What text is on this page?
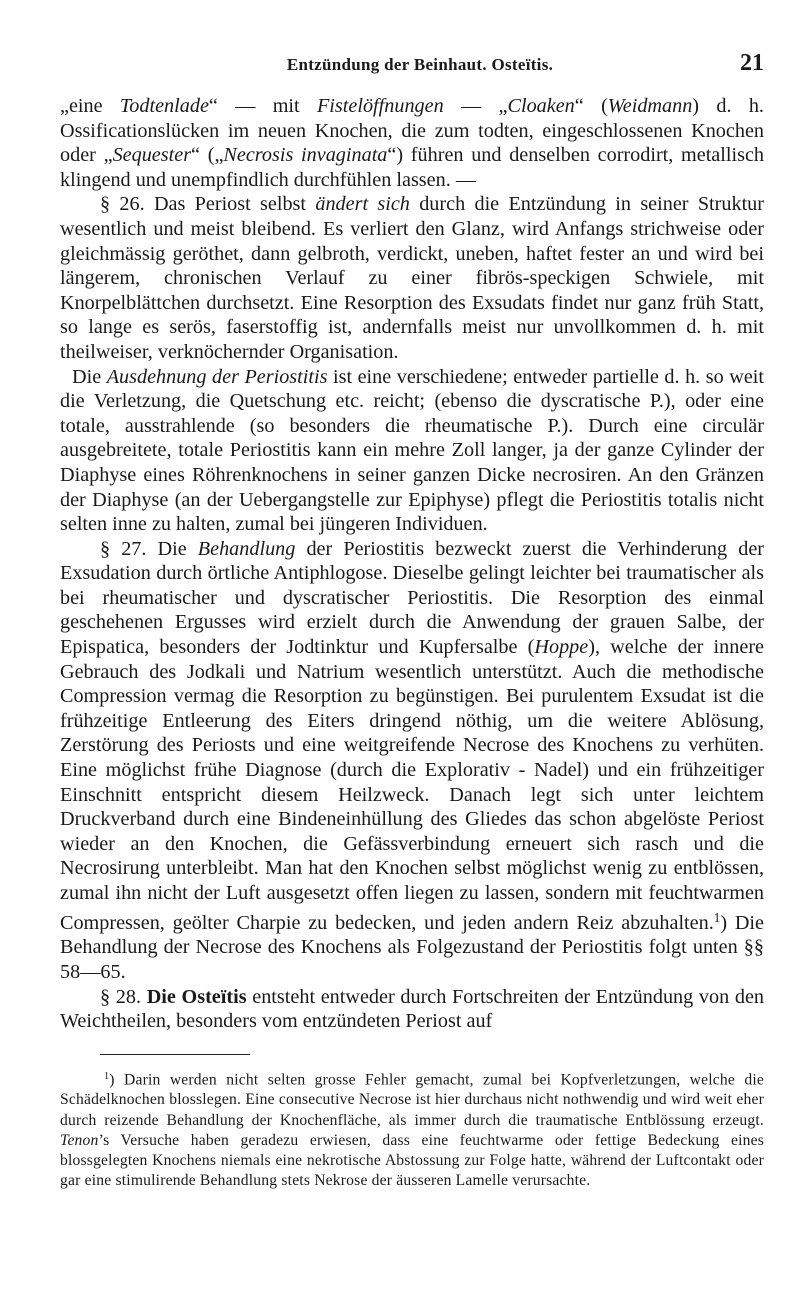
Entzündung der Beinhaut. Osteïtis.	21

„eine Todtenlade“ — mit Fistelöffnungen — „Cloaken“ (Weidmann) d. h. Ossificationslücken im neuen Knochen, die zum todten, eingeschlossenen Knochen oder „Sequester“ („Necrosis invaginata“) führen und denselben corrodirt, metallisch klingend und unempfindlich durchfühlen lassen. —

§ 26. Das Periost selbst ändert sich durch die Entzündung in seiner Struktur wesentlich und meist bleibend. Es verliert den Glanz, wird Anfangs strichweise oder gleichmässig geröthet, dann gelbroth, verdickt, uneben, haftet fester an und wird bei längerem, chronischen Verlauf zu einer fibrös-speckigen Schwiele, mit Knorpelblättchen durchsetzt. Eine Resorption des Exsudats findet nur ganz früh Statt, so lange es serös, faserstoffig ist, andernfalls meist nur unvollkommen d. h. mit theilweiser, verknöchernder Organisation.

Die Ausdehnung der Periostitis ist eine verschiedene; entweder partielle d. h. so weit die Verletzung, die Quetschung etc. reicht; (ebenso die dyscratische P.), oder eine totale, ausstrahlende (so besonders die rheumatische P.). Durch eine circulär ausgebreitete, totale Periostitis kann ein mehre Zoll langer, ja der ganze Cylinder der Diaphyse eines Röhrenknochens in seiner ganzen Dicke necrosiren. An den Gränzen der Diaphyse (an der Uebergangstelle zur Epiphyse) pflegt die Periostitis totalis nicht selten inne zu halten, zumal bei jüngeren Individuen.

§ 27. Die Behandlung der Periostitis bezweckt zuerst die Verhinderung der Exsudation durch örtliche Antiphlogose. Dieselbe gelingt leichter bei traumatischer als bei rheumatischer und dyscratischer Periostitis. Die Resorption des einmal geschehenen Ergusses wird erzielt durch die Anwendung der grauen Salbe, der Epispatica, besonders der Jodtinktur und Kupfersalbe (Hoppe), welche der innere Gebrauch des Jodkali und Natrium wesentlich unterstützt. Auch die methodische Compression vermag die Resorption zu begünstigen. Bei purulentem Exsudat ist die frühzeitige Entleerung des Eiters dringend nöthig, um die weitere Ablösung, Zerstörung des Periosts und eine weitgreifende Necrose des Knochens zu verhüten. Eine möglichst frühe Diagnose (durch die Explorativ - Nadel) und ein frühzeitiger Einschnitt entspricht diesem Heilzweck. Danach legt sich unter leichtem Druckverband durch eine Bindeneinhüllung des Gliedes das schon abgelöste Periost wieder an den Knochen, die Gefässverbindung erneuert sich rasch und die Necrosirung unterbleibt. Man hat den Knochen selbst möglichst wenig zu entblössen, zumal ihn nicht der Luft ausgesetzt offen liegen zu lassen, sondern mit feuchtwarmen Compressen, geölter Charpie zu bedecken, und jeden andern Reiz abzuhalten.$^1$) Die Behandlung der Necrose des Knochens als Folgezustand der Periostitis folgt unten §§ 58—65.

§ 28. Die Osteïtis entsteht entweder durch Fortschreiten der Entzündung von den Weichtheilen, besonders vom entzündeten Periost auf

$^1$) Darin werden nicht selten grosse Fehler gemacht, zumal bei Kopfverletzungen, welche die Schädelknochen blosslegen. Eine consecutive Necrose ist hier durchaus nicht nothwendig und wird weit eher durch reizende Behandlung der Knochenfläche, als immer durch die traumatische Entblössung erzeugt. Tenon’s Versuche haben geradezu erwiesen, dass eine feuchtwarme oder fettige Bedeckung eines blossgelegten Knochens niemals eine nekrotische Abstossung zur Folge hatte, während der Luftcontakt oder gar eine stimulirende Behandlung stets Nekrose der äusseren Lamelle verursachte.
